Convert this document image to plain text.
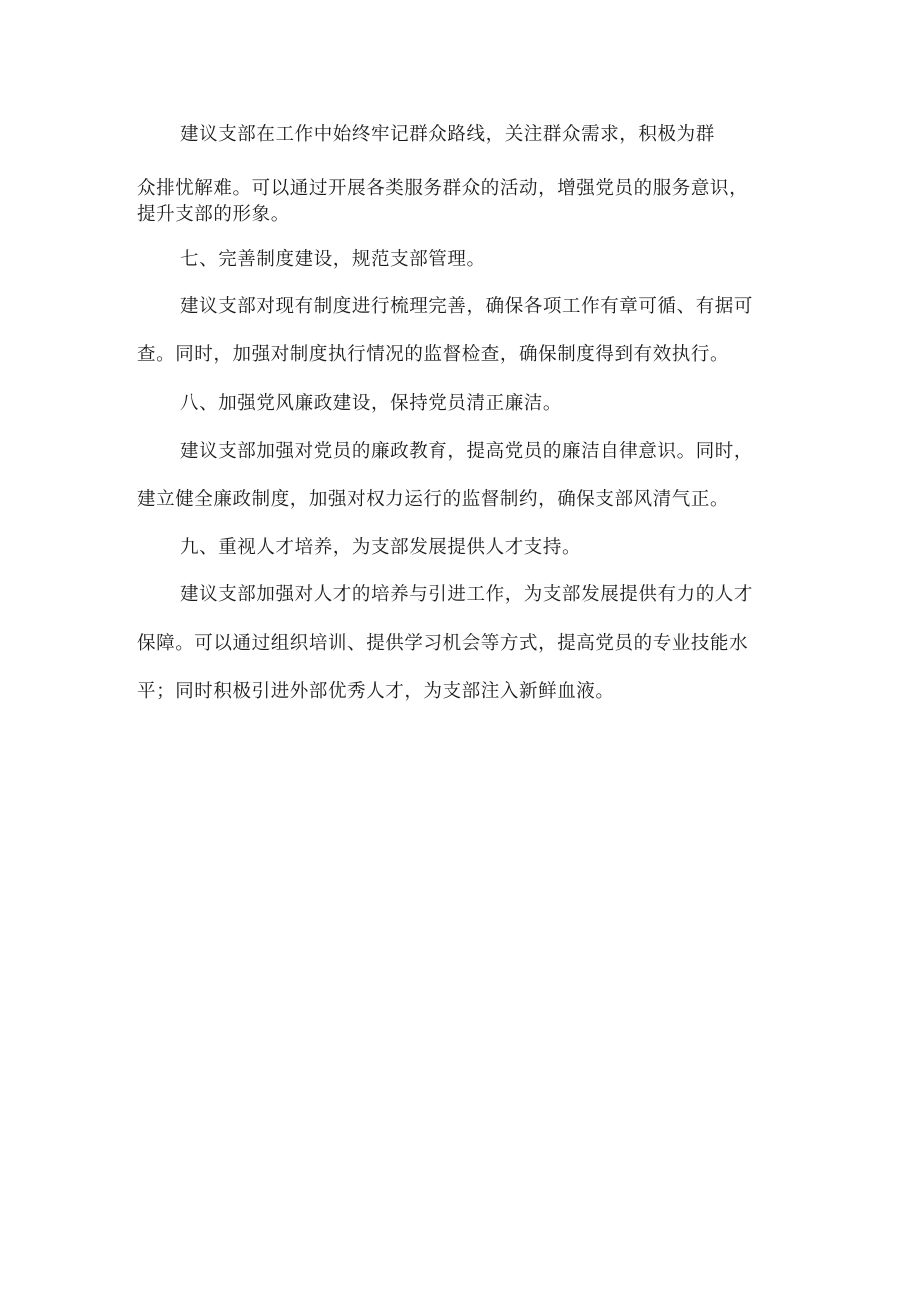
建议支部在工作中始终牢记群众路线，关注群众需求，积极为群
众排忧解难。可以通过开展各类服务群众的活动，增强党员的服务意识，
提升支部的形象。
七、完善制度建设，规范支部管理。
建议支部对现有制度进行梳理完善，确保各项工作有章可循、有据可
查。同时，加强对制度执行情况的监督检查，确保制度得到有效执行。
八、加强党风廉政建设，保持党员清正廉洁。
建议支部加强对党员的廉政教育，提高党员的廉洁自律意识。同时，
建立健全廉政制度，加强对权力运行的监督制约，确保支部风清气正。
九、重视人才培养，为支部发展提供人才支持。
建议支部加强对人才的培养与引进工作，为支部发展提供有力的人才
保障。可以通过组织培训、提供学习机会等方式，提高党员的专业技能水
平；同时积极引进外部优秀人才，为支部注入新鲜血液。
